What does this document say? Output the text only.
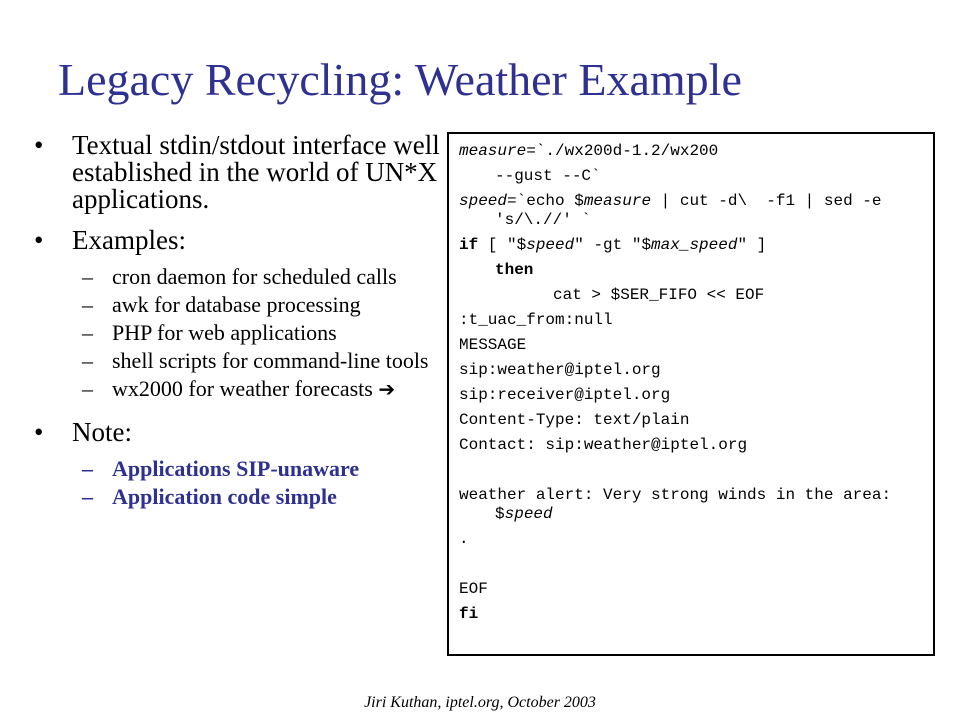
Legacy Recycling: Weather Example
• Textual stdin/stdout interface well established in the world of UN*X applications.
• Examples:
– cron daemon for scheduled calls
– awk for database processing
– PHP for web applications
– shell scripts for command-line tools
– wx2000 for weather forecasts ➔
• Note:
– Applications SIP-unaware
– Application code simple
measure=`./wx200d-1.2/wx200
--gust --C`
speed=`echo $measure | cut -d\  -f1 | sed -e 's/\.//' `
if [ "$speed" -gt "$max_speed" ]
then
cat > $SER_FIFO << EOF
:t_uac_from:null
MESSAGE
sip:weather@iptel.org
sip:receiver@iptel.org
Content-Type: text/plain
Contact: sip:weather@iptel.org
weather alert: Very strong winds in the area: $speed
.
EOF
fi
Jiri Kuthan, iptel.org, October 2003
